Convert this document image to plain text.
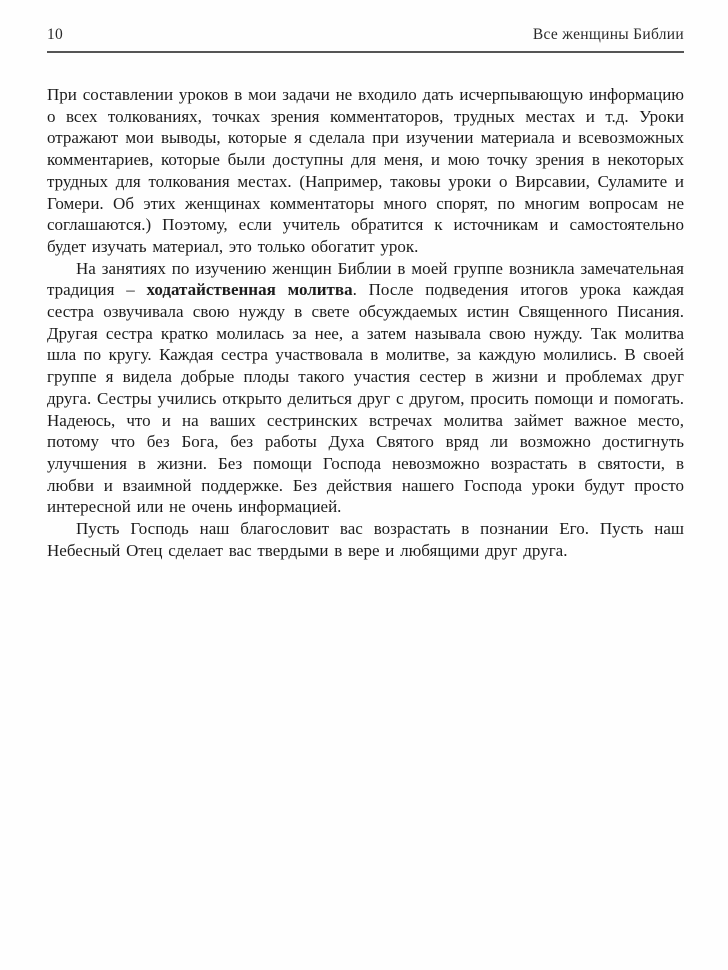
10	Все женщины Библии

При составлении уроков в мои задачи не входило дать исчерпывающую информацию о всех толкованиях, точках зрения комментаторов, трудных местах и т.д. Уроки отражают мои выводы, которые я сделала при изучении материала и всевозможных комментариев, которые были доступны для меня, и мою точку зрения в некоторых трудных для толкования местах. (Например, таковы уроки о Вирсавии, Суламите и Гомери. Об этих женщинах комментаторы много спорят, по многим вопросам не соглашаются.) Поэтому, если учитель обратится к источникам и самостоятельно будет изучать материал, это только обогатит урок.

На занятиях по изучению женщин Библии в моей группе возникла замечательная традиция – ходатайственная молитва. После подведения итогов урока каждая сестра озвучивала свою нужду в свете обсуждаемых истин Священного Писания. Другая сестра кратко молилась за нее, а затем называла свою нужду. Так молитва шла по кругу. Каждая сестра участвовала в молитве, за каждую молились. В своей группе я видела добрые плоды такого участия сестер в жизни и проблемах друг друга. Сестры учились открыто делиться друг с другом, просить помощи и помогать. Надеюсь, что и на ваших сестринских встречах молитва займет важное место, потому что без Бога, без работы Духа Святого вряд ли возможно достигнуть улучшения в жизни. Без помощи Господа невозможно возрастать в святости, в любви и взаимной поддержке. Без действия нашего Господа уроки будут просто интересной или не очень информацией.

Пусть Господь наш благословит вас возрастать в познании Его. Пусть наш Небесный Отец сделает вас твердыми в вере и любящими друг друга.
